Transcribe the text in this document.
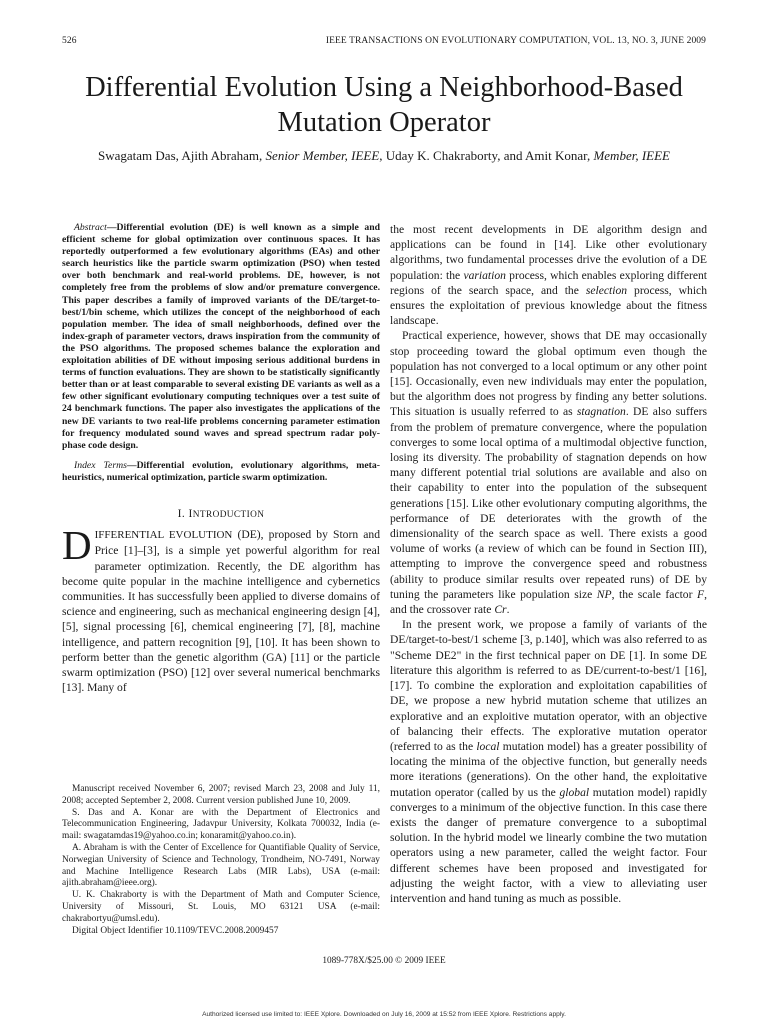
526	IEEE TRANSACTIONS ON EVOLUTIONARY COMPUTATION, VOL. 13, NO. 3, JUNE 2009
Differential Evolution Using a Neighborhood-Based
Mutation Operator
Swagatam Das, Ajith Abraham, Senior Member, IEEE, Uday K. Chakraborty, and Amit Konar, Member, IEEE

Abstract—Differential evolution (DE) is well known as a simple and efficient scheme for global optimization over continuous spaces. It has reportedly outperformed a few evolutionary algorithms (EAs) and other search heuristics like the particle swarm optimization (PSO) when tested over both benchmark and real-world problems. DE, however, is not completely free from the problems of slow and/or premature convergence. This paper describes a family of improved variants of the DE/target-to-best/1/bin scheme, which utilizes the concept of the neighborhood of each population member. The idea of small neighborhoods, defined over the index-graph of parameter vectors, draws inspiration from the community of the PSO algorithms. The proposed schemes balance the exploration and exploitation abilities of DE without imposing serious additional burdens in terms of function evaluations. They are shown to be statistically significantly better than or at least comparable to several existing DE variants as well as a few other significant evolutionary computing techniques over a test suite of 24 benchmark functions. The paper also investigates the applications of the new DE variants to two real-life problems concerning parameter estimation for frequency modulated sound waves and spread spectrum radar poly-phase code design.

Index Terms—Differential evolution, evolutionary algorithms, meta-heuristics, numerical optimization, particle swarm optimization.

I. INTRODUCTION

DIFFERENTIAL EVOLUTION (DE), proposed by Storn and Price [1]–[3], is a simple yet powerful algorithm for real parameter optimization. Recently, the DE algorithm has become quite popular in the machine intelligence and cybernetics communities. It has successfully been applied to diverse domains of science and engineering, such as mechanical engineering design [4], [5], signal processing [6], chemical engineering [7], [8], machine intelligence, and pattern recognition [9], [10]. It has been shown to perform better than the genetic algorithm (GA) [11] or the particle swarm optimization (PSO) [12] over several numerical benchmarks [13]. Many of

Manuscript received November 6, 2007; revised March 23, 2008 and July 11, 2008; accepted September 2, 2008. Current version published June 10, 2009.

S. Das and A. Konar are with the Department of Electronics and Telecommunication Engineering, Jadavpur University, Kolkata 700032, India (e-mail: swagatamdas19@yahoo.co.in; konaramit@yahoo.co.in).

A. Abraham is with the Center of Excellence for Quantifiable Quality of Service, Norwegian University of Science and Technology, Trondheim, NO-7491, Norway and Machine Intelligence Research Labs (MIR Labs), USA (e-mail: ajith.abraham@ieee.org).

U. K. Chakraborty is with the Department of Math and Computer Science, University of Missouri, St. Louis, MO 63121 USA (e-mail: chakrabortyu@umsl.edu).

Digital Object Identifier 10.1109/TEVC.2008.2009457

the most recent developments in DE algorithm design and applications can be found in [14]. Like other evolutionary algorithms, two fundamental processes drive the evolution of a DE population: the variation process, which enables exploring different regions of the search space, and the selection process, which ensures the exploitation of previous knowledge about the fitness landscape.

Practical experience, however, shows that DE may occasionally stop proceeding toward the global optimum even though the population has not converged to a local optimum or any other point [15]. Occasionally, even new individuals may enter the population, but the algorithm does not progress by finding any better solutions. This situation is usually referred to as stagnation. DE also suffers from the problem of premature convergence, where the population converges to some local optima of a multimodal objective function, losing its diversity. The probability of stagnation depends on how many different potential trial solutions are available and also on their capability to enter into the population of the subsequent generations [15]. Like other evolutionary computing algorithms, the performance of DE deteriorates with the growth of the dimensionality of the search space as well. There exists a good volume of works (a review of which can be found in Section III), attempting to improve the convergence speed and robustness (ability to produce similar results over repeated runs) of DE by tuning the parameters like population size NP, the scale factor F, and the crossover rate Cr.

In the present work, we propose a family of variants of the DE/target-to-best/1 scheme [3, p.140], which was also referred to as "Scheme DE2" in the first technical paper on DE [1]. In some DE literature this algorithm is referred to as DE/current-to-best/1 [16], [17]. To combine the exploration and exploitation capabilities of DE, we propose a new hybrid mutation scheme that utilizes an explorative and an exploitive mutation operator, with an objective of balancing their effects. The explorative mutation operator (referred to as the local mutation model) has a greater possibility of locating the minima of the objective function, but generally needs more iterations (generations). On the other hand, the exploitative mutation operator (called by us the global mutation model) rapidly converges to a minimum of the objective function. In this case there exists the danger of premature convergence to a suboptimal solution. In the hybrid model we linearly combine the two mutation operators using a new parameter, called the weight factor. Four different schemes have been proposed and investigated for adjusting the weight factor, with a view to alleviating user intervention and hand tuning as much as possible.

1089-778X/$25.00 © 2009 IEEE
Authorized licensed use limited to: IEEE Xplore. Downloaded on July 16, 2009 at 15:52 from IEEE Xplore. Restrictions apply.
